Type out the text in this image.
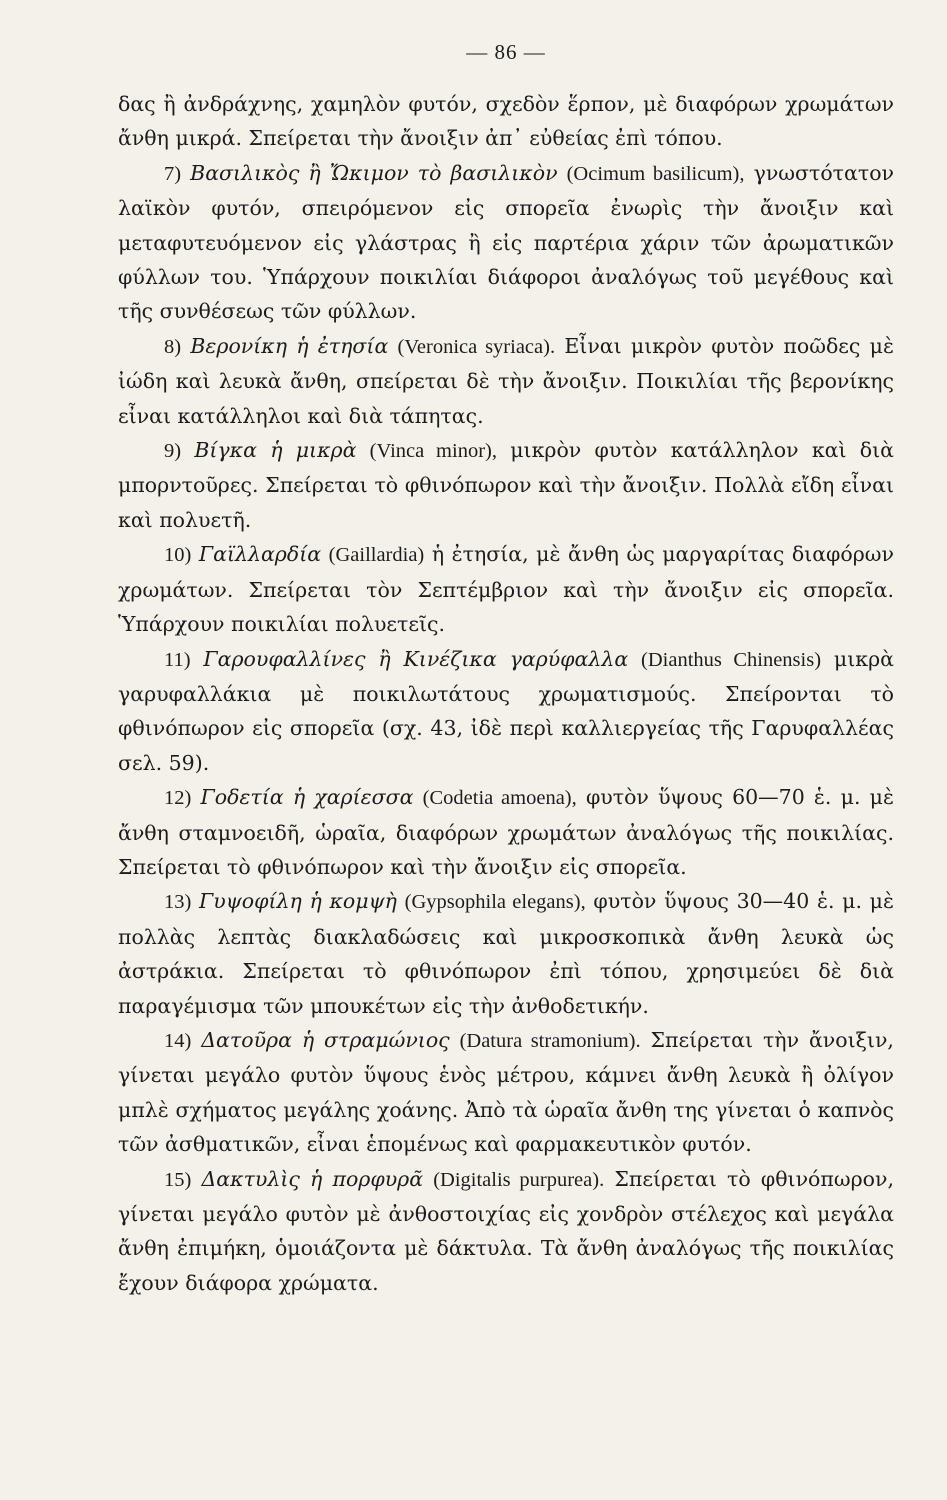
— 86 —

δας ἢ ἀνδράχνης, χαμηλὸν φυτόν, σχεδὸν ἕρπον, μὲ διαφόρων χρωμάτων ἄνθη μικρά. Σπείρεται τὴν ἄνοιξιν ἀπ᾽ εὐθείας ἐπὶ τόπου.

7) Βασιλικὸς ἢ Ὤκιμον τὸ βασιλικὸν (Ocimum basilicum), γνωστότατον λαϊκὸν φυτόν, σπειρόμενον εἰς σπορεῖα ἐνωρὶς τὴν ἄνοιξιν καὶ μεταφυτευόμενον εἰς γλάστρας ἢ εἰς παρτέρια χάριν τῶν ἀρωματικῶν φύλλων του. Ὑπάρχουν ποικιλίαι διάφοροι ἀναλόγως τοῦ μεγέθους καὶ τῆς συνθέσεως τῶν φύλλων.

8) Βερονίκη ἡ ἐτησία (Veronica syriaca). Εἶναι μικρὸν φυτὸν ποῶδες μὲ ἰώδη καὶ λευκὰ ἄνθη, σπείρεται δὲ τὴν ἄνοιξιν. Ποικιλίαι τῆς βερονίκης εἶναι κατάλληλοι καὶ διὰ τάπητας.

9) Βίγκα ἡ μικρὰ (Vinca minor), μικρὸν φυτὸν κατάλληλον καὶ διὰ μπορντοῦρες. Σπείρεται τὸ φθινόπωρον καὶ τὴν ἄνοιξιν. Πολλὰ εἴδη εἶναι καὶ πολυετῆ.

10) Γαϊλλαρδία (Gaillardia) ἡ ἐτησία, μὲ ἄνθη ὡς μαργαρίτας διαφόρων χρωμάτων. Σπείρεται τὸν Σεπτέμβριον καὶ τὴν ἄνοιξιν εἰς σπορεῖα. Ὑπάρχουν ποικιλίαι πολυετεῖς.

11) Γαρουφαλλίνες ἢ Κινέζικα γαρύφαλλα (Dianthus Chinensis) μικρὰ γαρυφαλλάκια μὲ ποικιλωτάτους χρωματισμούς. Σπείρονται τὸ φθινόπωρον εἰς σπορεῖα (σχ. 43, ἰδὲ περὶ καλλιεργείας τῆς Γαρυφαλλέας σελ. 59).

12) Γοδετία ἡ χαρίεσσα (Codetia amoena), φυτὸν ὕψους 60—70 ἑ. μ. μὲ ἄνθη σταμνοειδῆ, ὡραῖα, διαφόρων χρωμάτων ἀναλόγως τῆς ποικιλίας. Σπείρεται τὸ φθινόπωρον καὶ τὴν ἄνοιξιν εἰς σπορεῖα.

13) Γυψοφίλη ἡ κομψὴ (Gypsophila elegans), φυτὸν ὕψους 30—40 ἑ. μ. μὲ πολλὰς λεπτὰς διακλαδώσεις καὶ μικροσκοπικὰ ἄνθη λευκὰ ὡς ἀστράκια. Σπείρεται τὸ φθινόπωρον ἐπὶ τόπου, χρησιμεύει δὲ διὰ παραγέμισμα τῶν μπουκέτων εἰς τὴν ἀνθοδετικήν.

14) Δατοῦρα ἡ στραμώνιος (Datura stramonium). Σπείρεται τὴν ἄνοιξιν, γίνεται μεγάλο φυτὸν ὕψους ἑνὸς μέτρου, κάμνει ἄνθη λευκὰ ἢ ὀλίγον μπλὲ σχήματος μεγάλης χοάνης. Ἀπὸ τὰ ὡραῖα ἄνθη της γίνεται ὁ καπνὸς τῶν ἀσθματικῶν, εἶναι ἑπομένως καὶ φαρμακευτικὸν φυτόν.

15) Δακτυλὶς ἡ πορφυρᾶ (Digitalis purpurea). Σπείρεται τὸ φθινόπωρον, γίνεται μεγάλο φυτὸν μὲ ἀνθοστοιχίας εἰς χονδρὸν στέλεχος καὶ μεγάλα ἄνθη ἐπιμήκη, ὁμοιάζοντα μὲ δάκτυλα. Τὰ ἄνθη ἀναλόγως τῆς ποικιλίας ἔχουν διάφορα χρώματα.
